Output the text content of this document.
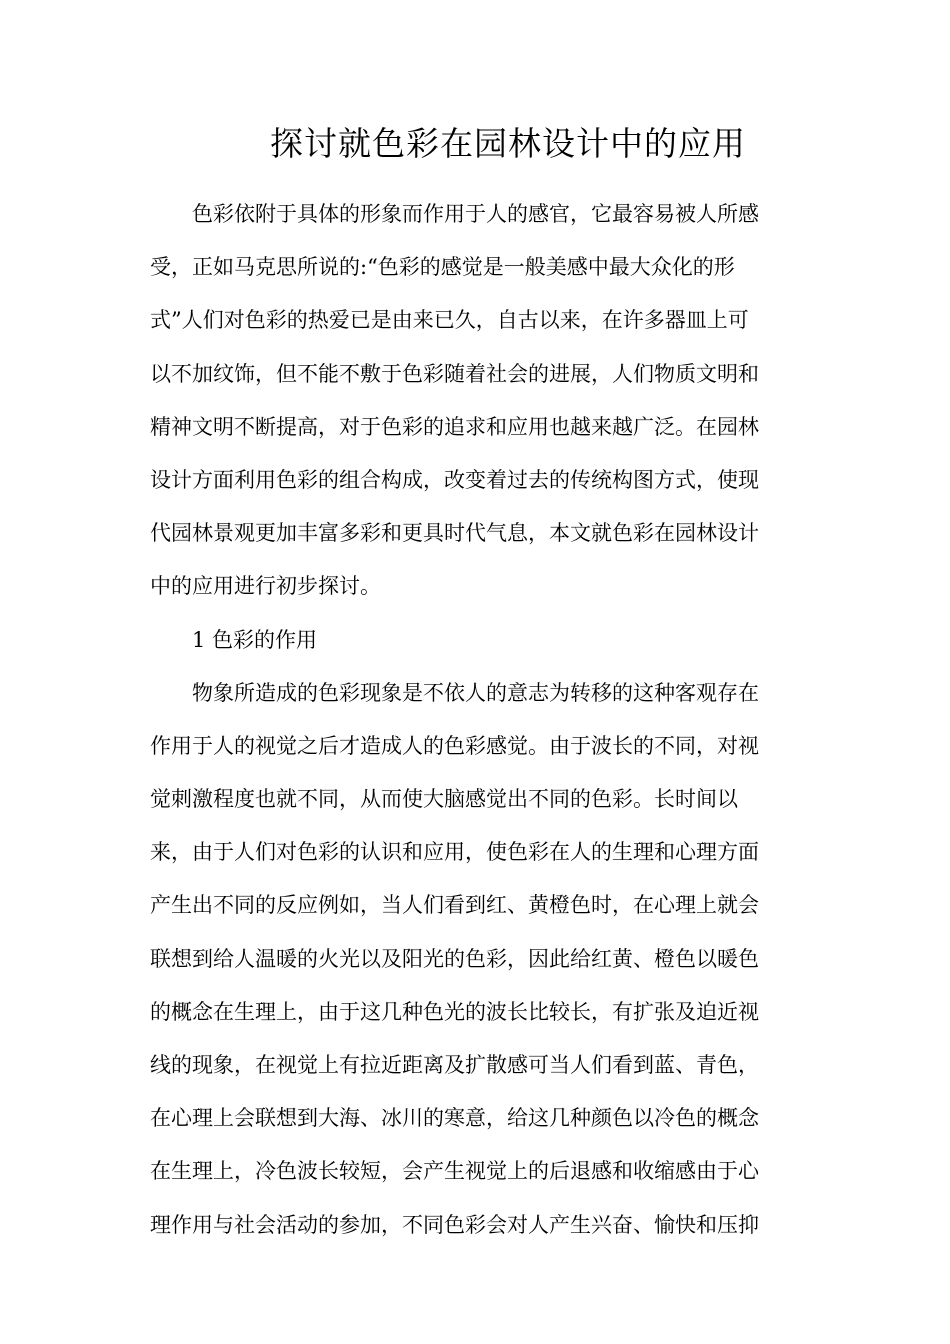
探讨就色彩在园林设计中的应用
色彩依附于具体的形象而作用于人的感官，它最容易被人所感
受，正如马克思所说的:“色彩的感觉是一般美感中最大众化的形
式”人们对色彩的热爱已是由来已久，自古以来，在许多器皿上可
以不加纹饰，但不能不敷于色彩随着社会的进展，人们物质文明和
精神文明不断提高，对于色彩的追求和应用也越来越广泛。在园林
设计方面利用色彩的组合构成，改变着过去的传统构图方式，使现
代园林景观更加丰富多彩和更具时代气息，本文就色彩在园林设计
中的应用进行初步探讨。
1 色彩的作用
物象所造成的色彩现象是不依人的意志为转移的这种客观存在
作用于人的视觉之后才造成人的色彩感觉。由于波长的不同，对视
觉刺激程度也就不同，从而使大脑感觉出不同的色彩。长时间以
来，由于人们对色彩的认识和应用，使色彩在人的生理和心理方面
产生出不同的反应例如，当人们看到红、黄橙色时，在心理上就会
联想到给人温暖的火光以及阳光的色彩，因此给红黄、橙色以暖色
的概念在生理上，由于这几种色光的波长比较长，有扩张及迫近视
线的现象，在视觉上有拉近距离及扩散感可当人们看到蓝、青色，
在心理上会联想到大海、冰川的寒意，给这几种颜色以冷色的概念
在生理上，冷色波长较短，会产生视觉上的后退感和收缩感由于心
理作用与社会活动的参加，不同色彩会对人产生兴奋、愉快和压抑
